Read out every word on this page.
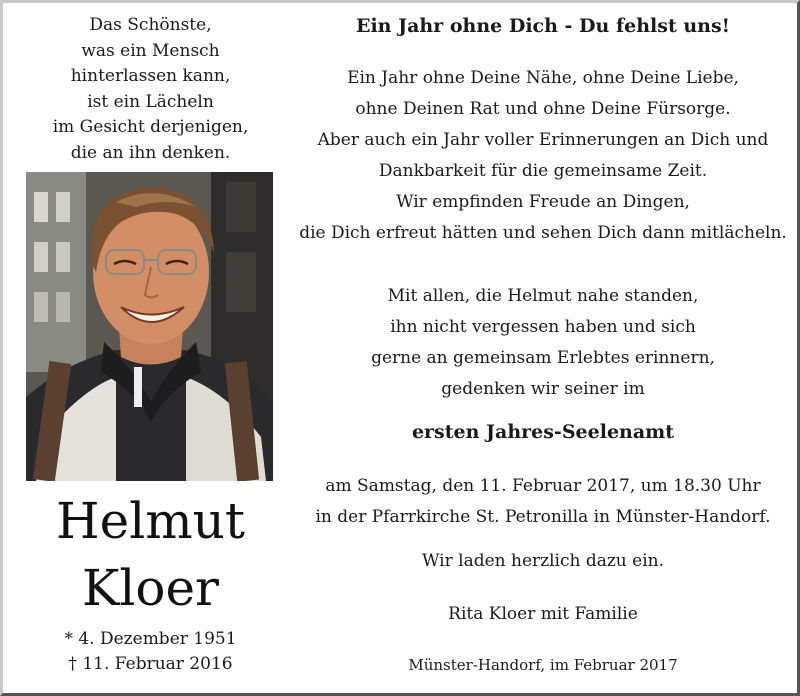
Das Schönste,
was ein Mensch
hinterlassen kann,
ist ein Lächeln
im Gesicht derjenigen,
die an ihn denken.
Helmut
Kloer
* 4. Dezember 1951
† 11. Februar 2016
Ein Jahr ohne Dich - Du fehlst uns!
Ein Jahr ohne Deine Nähe, ohne Deine Liebe,
ohne Deinen Rat und ohne Deine Fürsorge.
Aber auch ein Jahr voller Erinnerungen an Dich und
Dankbarkeit für die gemeinsame Zeit.
Wir empfinden Freude an Dingen,
die Dich erfreut hätten und sehen Dich dann mitlächeln.
Mit allen, die Helmut nahe standen,
ihn nicht vergessen haben und sich
gerne an gemeinsam Erlebtes erinnern,
gedenken wir seiner im
ersten Jahres-Seelenamt
am Samstag, den 11. Februar 2017, um 18.30 Uhr
in der Pfarrkirche St. Petronilla in Münster-Handorf.
Wir laden herzlich dazu ein.
Rita Kloer mit Familie
Münster-Handorf, im Februar 2017
